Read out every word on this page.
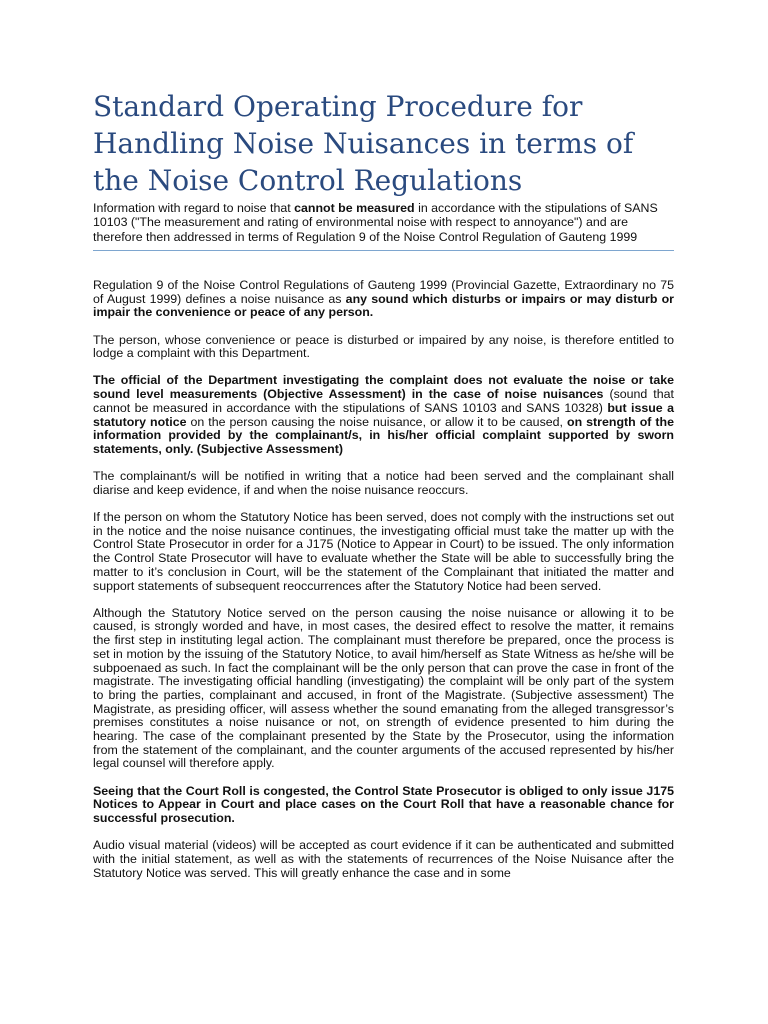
Standard Operating Procedure for Handling Noise Nuisances in terms of the Noise Control Regulations
Information with regard to noise that cannot be measured in accordance with the stipulations of SANS 10103 ("The measurement and rating of environmental noise with respect to annoyance") and are therefore then addressed in terms of Regulation 9 of the Noise Control Regulation of Gauteng 1999

Regulation 9 of the Noise Control Regulations of Gauteng 1999 (Provincial Gazette, Extraordinary no 75 of August 1999) defines a noise nuisance as any sound which disturbs or impairs or may disturb or impair the convenience or peace of any person.

The person, whose convenience or peace is disturbed or impaired by any noise, is therefore entitled to lodge a complaint with this Department.

The official of the Department investigating the complaint does not evaluate the noise or take sound level measurements (Objective Assessment) in the case of noise nuisances (sound that cannot be measured in accordance with the stipulations of SANS 10103 and SANS 10328) but issue a statutory notice on the person causing the noise nuisance, or allow it to be caused, on strength of the information provided by the complainant/s, in his/her official complaint supported by sworn statements, only. (Subjective Assessment)

The complainant/s will be notified in writing that a notice had been served and the complainant shall diarise and keep evidence, if and when the noise nuisance reoccurs.

If the person on whom the Statutory Notice has been served, does not comply with the instructions set out in the notice and the noise nuisance continues, the investigating official must take the matter up with the Control State Prosecutor in order for a J175 (Notice to Appear in Court) to be issued. The only information the Control State Prosecutor will have to evaluate whether the State will be able to successfully bring the matter to it’s conclusion in Court, will be the statement of the Complainant that initiated the matter and support statements of subsequent reoccurrences after the Statutory Notice had been served.

Although the Statutory Notice served on the person causing the noise nuisance or allowing it to be caused, is strongly worded and have, in most cases, the desired effect to resolve the matter, it remains the first step in instituting legal action. The complainant must therefore be prepared, once the process is set in motion by the issuing of the Statutory Notice, to avail him/herself as State Witness as he/she will be subpoenaed as such. In fact the complainant will be the only person that can prove the case in front of the magistrate. The investigating official handling (investigating) the complaint will be only part of the system to bring the parties, complainant and accused, in front of the Magistrate. (Subjective assessment) The Magistrate, as presiding officer, will assess whether the sound emanating from the alleged transgressor’s premises constitutes a noise nuisance or not, on strength of evidence presented to him during the hearing. The case of the complainant presented by the State by the Prosecutor, using the information from the statement of the complainant, and the counter arguments of the accused represented by his/her legal counsel will therefore apply.

Seeing that the Court Roll is congested, the Control State Prosecutor is obliged to only issue J175 Notices to Appear in Court and place cases on the Court Roll that have a reasonable chance for successful prosecution.

Audio visual material (videos) will be accepted as court evidence if it can be authenticated and submitted with the initial statement, as well as with the statements of recurrences of the Noise Nuisance after the Statutory Notice was served. This will greatly enhance the case and in some
